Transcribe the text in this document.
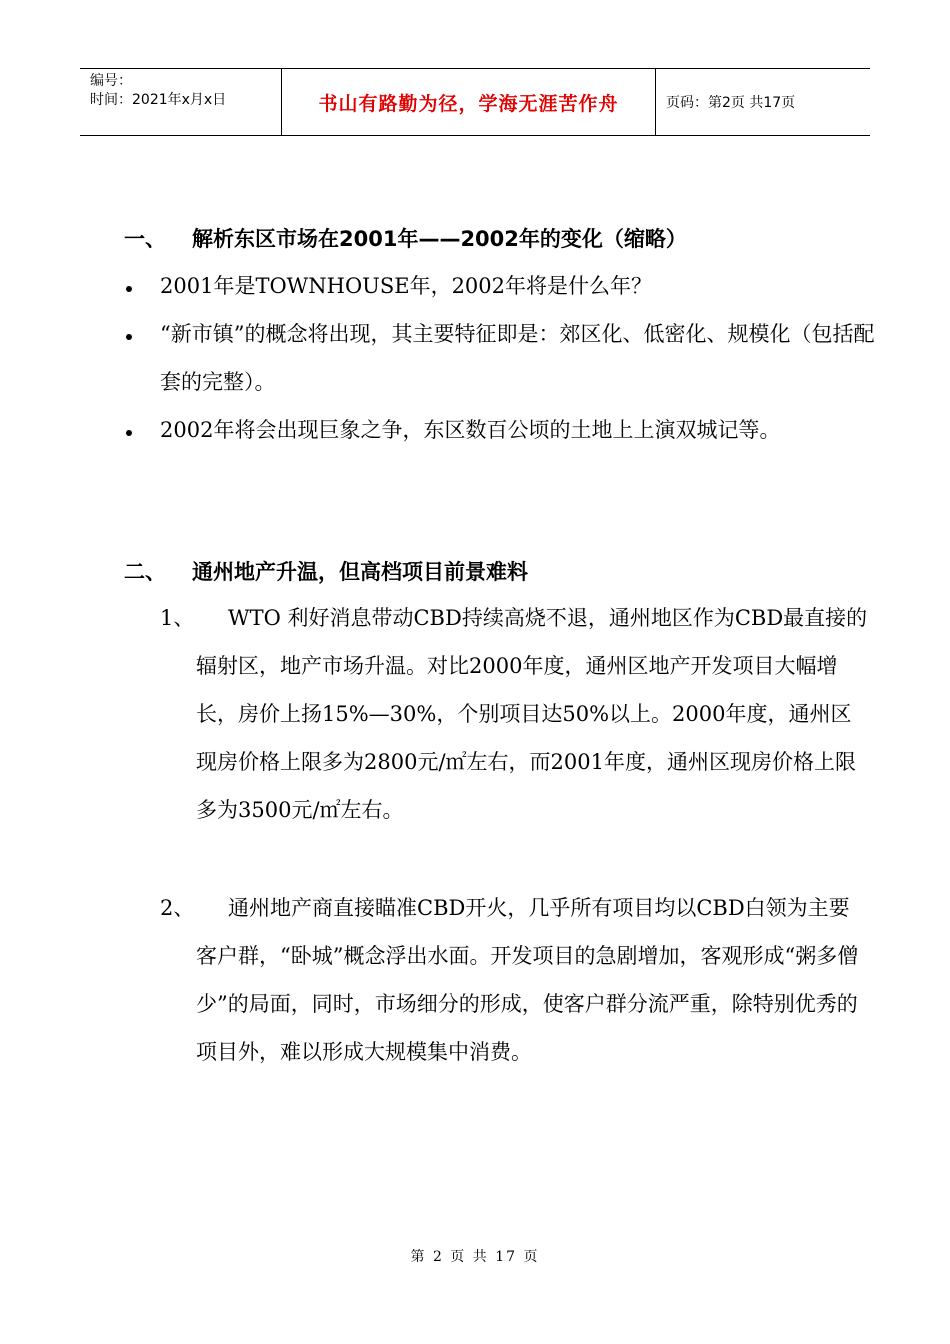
编号：
时间：2021年x月x日	书山有路勤为径，学海无涯苦作舟	页码：第2页 共17页
一、 解析东区市场在2001年——2002年的变化（缩略）
2001年是TOWNHOUSE年，2002年将是什么年？
“新市镇”的概念将出现，其主要特征即是：郊区化、低密化、规模化（包括配套的完整）。
2002年将会出现巨象之争，东区数百公顷的土地上上演双城记等。
二、 通州地产升温，但高档项目前景难料
1、	WTO 利好消息带动CBD持续高烧不退，通州地区作为CBD最直接的辐射区，地产市场升温。对比2000年度，通州区地产开发项目大幅增长，房价上扬15%—30%，个别项目达50%以上。2000年度，通州区现房价格上限多为2800元/㎡左右，而2001年度，通州区现房价格上限多为3500元/㎡左右。
2、	通州地产商直接瞄准CBD开火，几乎所有项目均以CBD白领为主要客户群，“卧城”概念浮出水面。开发项目的急剧增加，客观形成“粥多僧少”的局面，同时，市场细分的形成，使客户群分流严重，除特别优秀的项目外，难以形成大规模集中消费。
第 2 页 共 17 页
